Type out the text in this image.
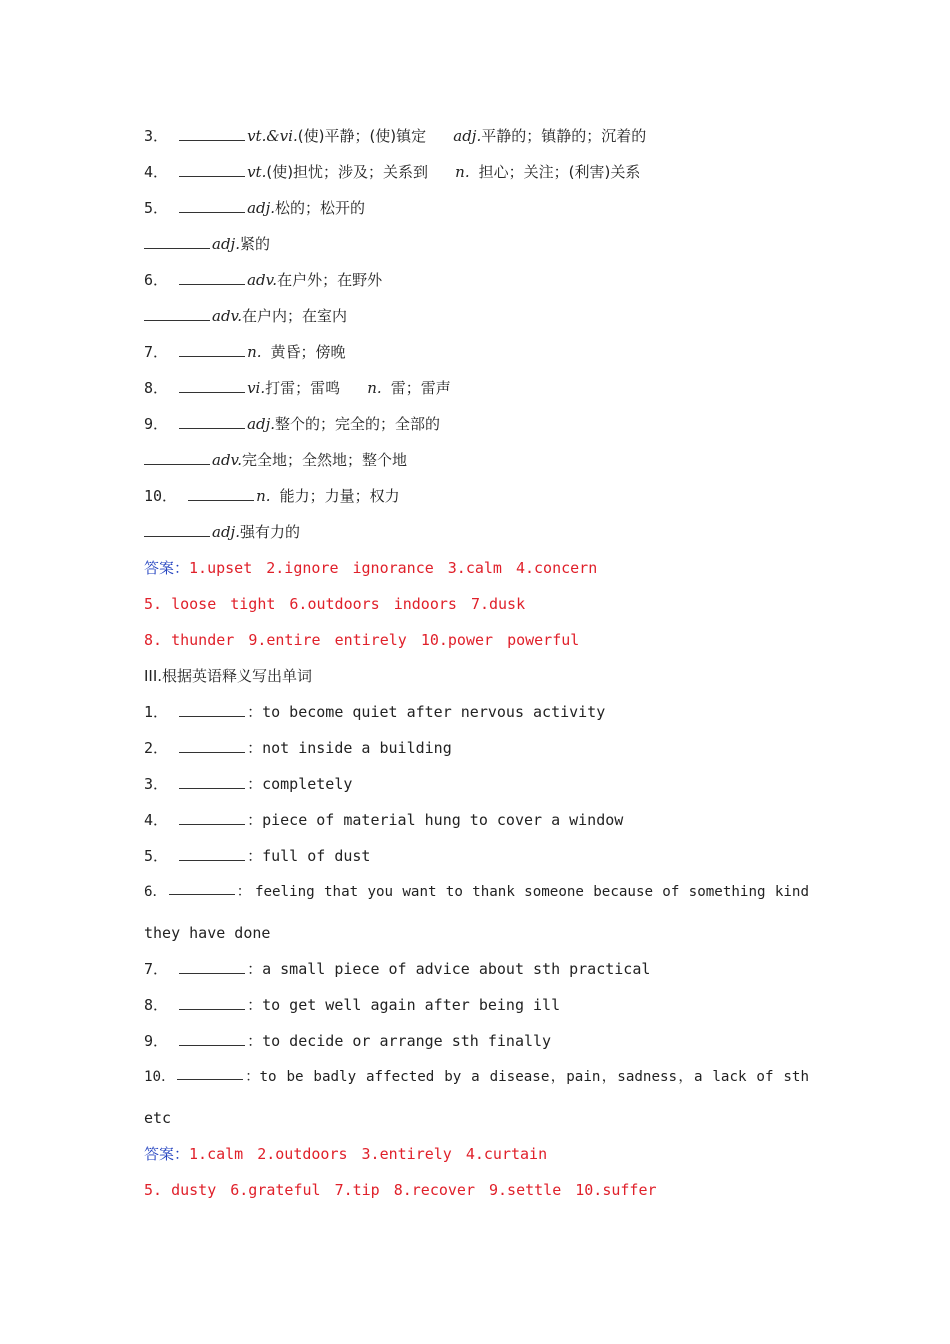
3．	vt.&vi.(使)平静；(使)镇定 adj.平静的；镇静的；沉着的
4．	vt.(使)担忧；涉及；关系到 n. 担心；关注；(利害)关系
5．	adj.松的；松开的
adj.紧的
6．	adv.在户外；在野外
adv.在户内；在室内
7．	n. 黄昏；傍晚
8．	vi.打雷；雷鸣 n. 雷；雷声
9．	adj.整个的；完全的；全部的
adv.完全地；全然地；整个地
10．	n. 能力；力量；权力
adj.强有力的
答案：1.upset 2.ignore ignorance 3.calm 4.concern
5. loose tight 6.outdoors indoors 7.dusk
8. thunder 9.entire entirely 10.power powerful
III.根据英语释义写出单词
1．	：to become quiet after nervous activity
2．	：not inside a building
3．	：completely
4．	：piece of material hung to cover a window
5．	：full of dust
6．	： feeling that you want to thank someone because of something kind
they have done
7．	：a small piece of advice about sth practical
8．	：to get well again after being ill
9．	：to decide or arrange sth finally
10．	： to be badly affected by a disease，pain，sadness，a lack of sth
etc
答案：1.calm 2.outdoors 3.entirely 4.curtain
5. dusty 6.grateful 7.tip 8.recover 9.settle 10.suffer
